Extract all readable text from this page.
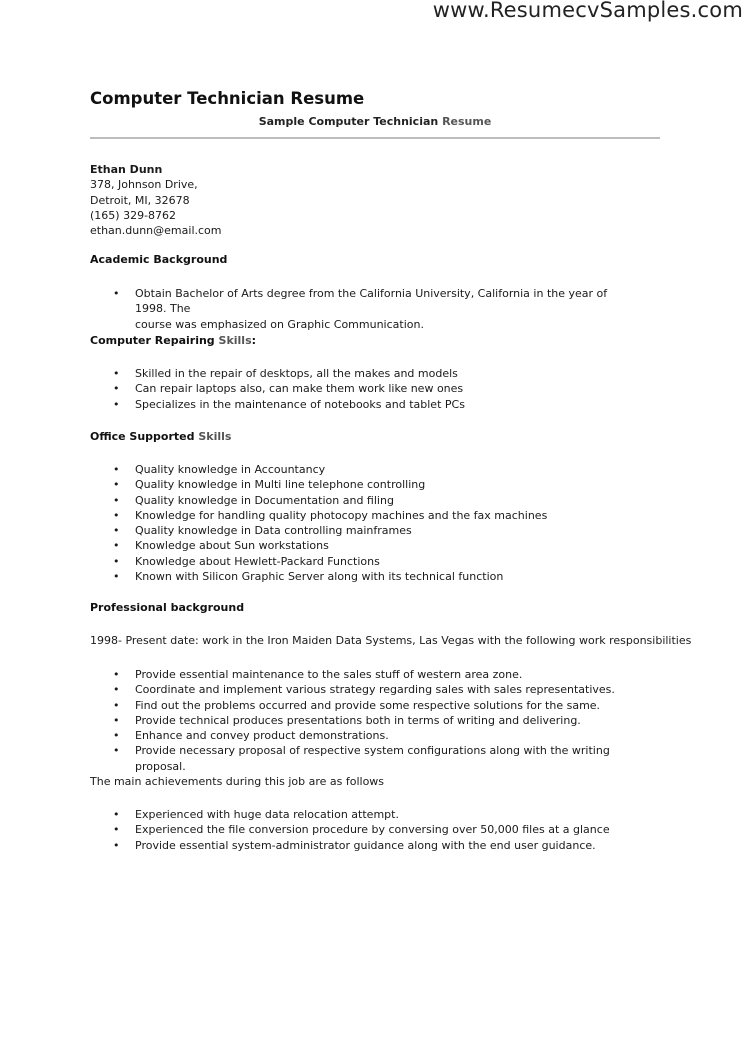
www.ResumecvSamples.com
Computer Technician Resume
Sample Computer Technician Resume
Ethan Dunn
378, Johnson Drive,
Detroit, MI, 32678
(165) 329-8762
ethan.dunn@email.com
Academic Background
• Obtain Bachelor of Arts degree from the California University, California in the year of 1998. The
course was emphasized on Graphic Communication.
Computer Repairing Skills:
• Skilled in the repair of desktops, all the makes and models
• Can repair laptops also, can make them work like new ones
• Specializes in the maintenance of notebooks and tablet PCs
Office Supported Skills
• Quality knowledge in Accountancy
• Quality knowledge in Multi line telephone controlling
• Quality knowledge in Documentation and filing
• Knowledge for handling quality photocopy machines and the fax machines
• Quality knowledge in Data controlling mainframes
• Knowledge about Sun workstations
• Knowledge about Hewlett-Packard Functions
• Known with Silicon Graphic Server along with its technical function
Professional background
1998- Present date: work in the Iron Maiden Data Systems, Las Vegas with the following work responsibilities
• Provide essential maintenance to the sales stuff of western area zone.
• Coordinate and implement various strategy regarding sales with sales representatives.
• Find out the problems occurred and provide some respective solutions for the same.
• Provide technical produces presentations both in terms of writing and delivering.
• Enhance and convey product demonstrations.
• Provide necessary proposal of respective system configurations along with the writing proposal.
The main achievements during this job are as follows
• Experienced with huge data relocation attempt.
• Experienced the file conversion procedure by conversing over 50,000 files at a glance
• Provide essential system-administrator guidance along with the end user guidance.
